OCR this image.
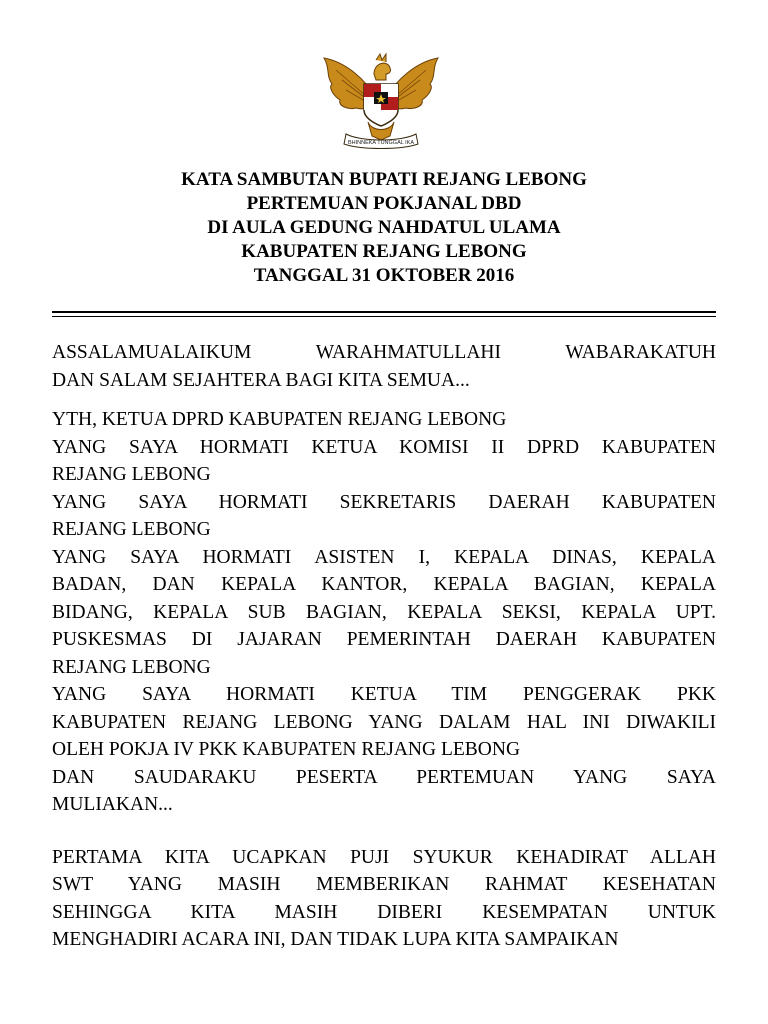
BHINNEKA TUNGGAL IKA
KATA SAMBUTAN BUPATI REJANG LEBONG
PERTEMUAN POKJANAL DBD
DI AULA GEDUNG NAHDATUL ULAMA
KABUPATEN REJANG LEBONG
TANGGAL 31 OKTOBER 2016
ASSALAMUALAIKUM WARAHMATULLAHI WABARAKATUH
DAN SALAM SEJAHTERA BAGI KITA SEMUA...
YTH, KETUA DPRD KABUPATEN REJANG LEBONG
YANG SAYA HORMATI KETUA KOMISI II DPRD KABUPATEN
REJANG LEBONG
YANG SAYA HORMATI SEKRETARIS DAERAH KABUPATEN
REJANG LEBONG
YANG SAYA HORMATI ASISTEN I, KEPALA DINAS, KEPALA
BADAN, DAN KEPALA KANTOR, KEPALA BAGIAN, KEPALA
BIDANG, KEPALA SUB BAGIAN, KEPALA SEKSI, KEPALA UPT.
PUSKESMAS DI JAJARAN PEMERINTAH DAERAH KABUPATEN
REJANG LEBONG
YANG SAYA HORMATI KETUA TIM PENGGERAK PKK
KABUPATEN REJANG LEBONG YANG DALAM HAL INI DIWAKILI
OLEH POKJA IV PKK KABUPATEN REJANG LEBONG
DAN SAUDARAKU PESERTA PERTEMUAN YANG SAYA
MULIAKAN...
PERTAMA KITA UCAPKAN PUJI SYUKUR KEHADIRAT ALLAH
SWT YANG MASIH MEMBERIKAN RAHMAT KESEHATAN
SEHINGGA KITA MASIH DIBERI KESEMPATAN UNTUK
MENGHADIRI ACARA INI, DAN TIDAK LUPA KITA SAMPAIKAN
